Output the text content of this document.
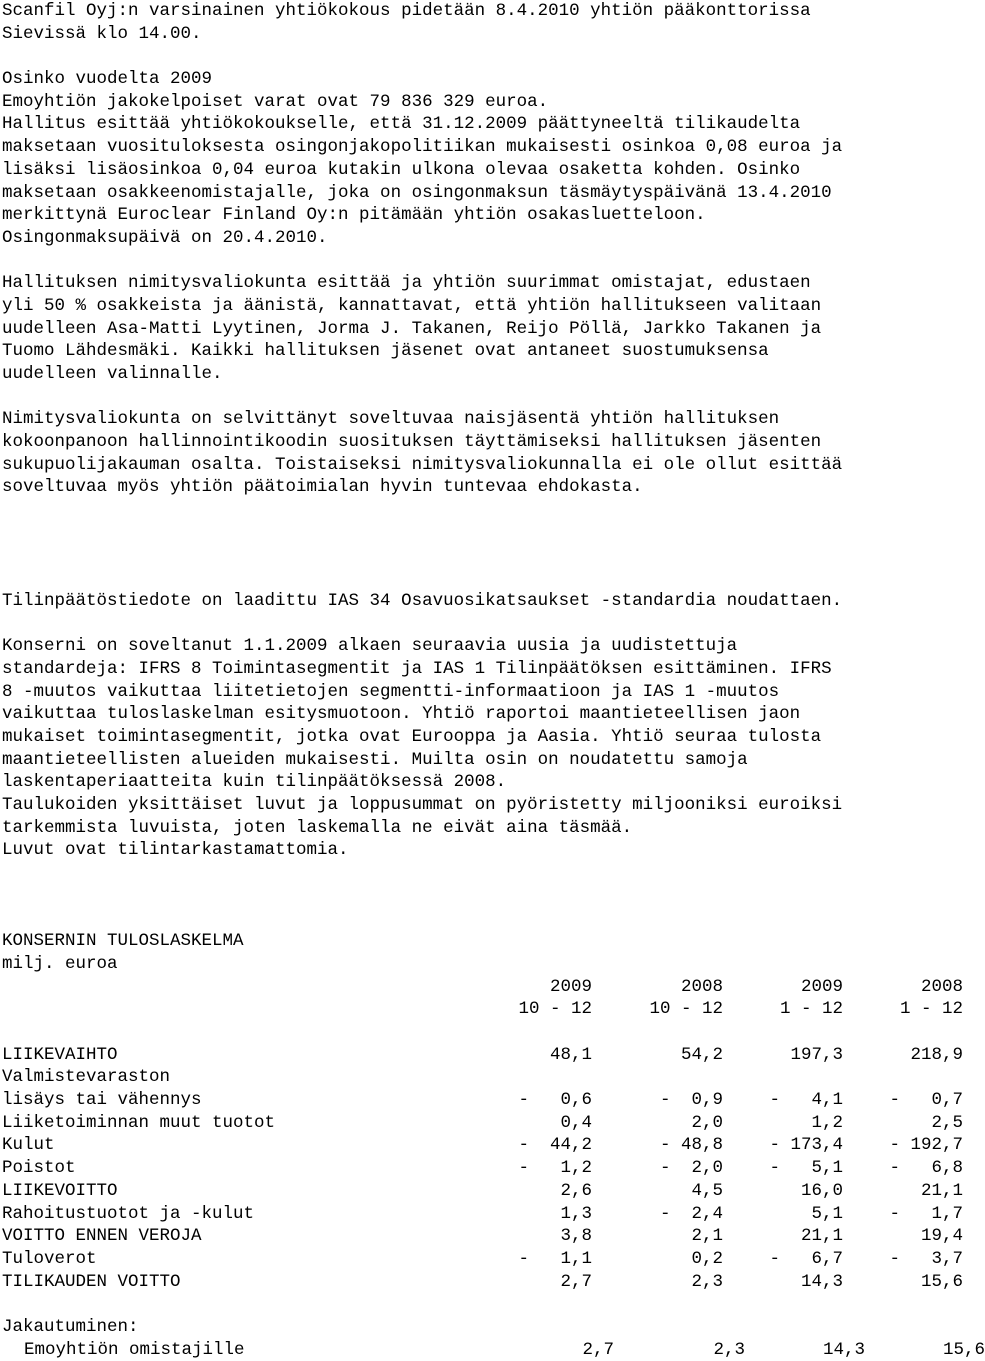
Scanfil Oyj:n varsinainen yhtiökokous pidetään 8.4.2010 yhtiön pääkonttorissa
Sievissä klo 14.00.
Osinko vuodelta 2009
Emoyhtiön jakokelpoiset varat ovat 79 836 329 euroa.
Hallitus esittää yhtiökokoukselle, että 31.12.2009 päättyneeltä tilikaudelta
maksetaan vuosituloksesta osingonjakopolitiikan mukaisesti osinkoa 0,08 euroa ja
lisäksi lisäosinkoa 0,04 euroa kutakin ulkona olevaa osaketta kohden. Osinko
maksetaan osakkeenomistajalle, joka on osingonmaksun täsmäytyspäivänä 13.4.2010
merkittynä Euroclear Finland Oy:n pitämään yhtiön osakasluetteloon.
Osingonmaksupäivä on 20.4.2010.
Hallituksen nimitysvaliokunta esittää ja yhtiön suurimmat omistajat, edustaen
yli 50 % osakkeista ja äänistä, kannattavat, että yhtiön hallitukseen valitaan
uudelleen Asa-Matti Lyytinen, Jorma J. Takanen, Reijo Pöllä, Jarkko Takanen ja
Tuomo Lähdesmäki. Kaikki hallituksen jäsenet ovat antaneet suostumuksensa
uudelleen valinnalle.
Nimitysvaliokunta on selvittänyt soveltuvaa naisjäsentä yhtiön hallituksen
kokoonpanoon hallinnointikoodin suosituksen täyttämiseksi hallituksen jäsenten
sukupuolijakauman osalta. Toistaiseksi nimitysvaliokunnalla ei ole ollut esittää
soveltuvaa myös yhtiön päätoimialan hyvin tuntevaa ehdokasta.
Tilinpäätöstiedote on laadittu IAS 34 Osavuosikatsaukset -standardia noudattaen.
Konserni on soveltanut 1.1.2009 alkaen seuraavia uusia ja uudistettuja
standardeja: IFRS 8 Toimintasegmentit ja IAS 1 Tilinpäätöksen esittäminen. IFRS
8 -muutos vaikuttaa liitetietojen segmentti-informaatioon ja IAS 1 -muutos
vaikuttaa tuloslaskelman esitysmuotoon. Yhtiö raportoi maantieteellisen jaon
mukaiset toimintasegmentit, jotka ovat Eurooppa ja Aasia. Yhtiö seuraa tulosta
maantieteellisten alueiden mukaisesti. Muilta osin on noudatettu samoja
laskentaperiaatteita kuin tilinpäätöksessä 2008.
Taulukoiden yksittäiset luvut ja loppusummat on pyöristetty miljooniksi euroiksi
tarkemmista luvuista, joten laskemalla ne eivät aina täsmää.
Luvut ovat tilintarkastamattomia.
KONSERNIN TULOSLASKELMA
milj. euroa
2009	2008	2009	2008
10 - 12	10 - 12	1 - 12	1 - 12
LIIKEVAIHTO	48,1	54,2	197,3	218,9
Valmistevaraston
lisäys tai vähennys	-   0,6	-  0,9	-   4,1	-   0,7
Liiketoiminnan muut tuotot	0,4	2,0	1,2	2,5
Kulut	-  44,2	- 48,8	- 173,4	- 192,7
Poistot	-   1,2	-  2,0	-   5,1	-   6,8
LIIKEVOITTO	2,6	4,5	16,0	21,1
Rahoitustuotot ja -kulut	1,3	-  2,4	5,1	-   1,7
VOITTO ENNEN VEROJA	3,8	2,1	21,1	19,4
Tuloverot	-   1,1	0,2	-   6,7	-   3,7
TILIKAUDEN VOITTO	2,7	2,3	14,3	15,6
Jakautuminen:
Emoyhtiön omistajille	2,7	2,3	14,3	15,6
